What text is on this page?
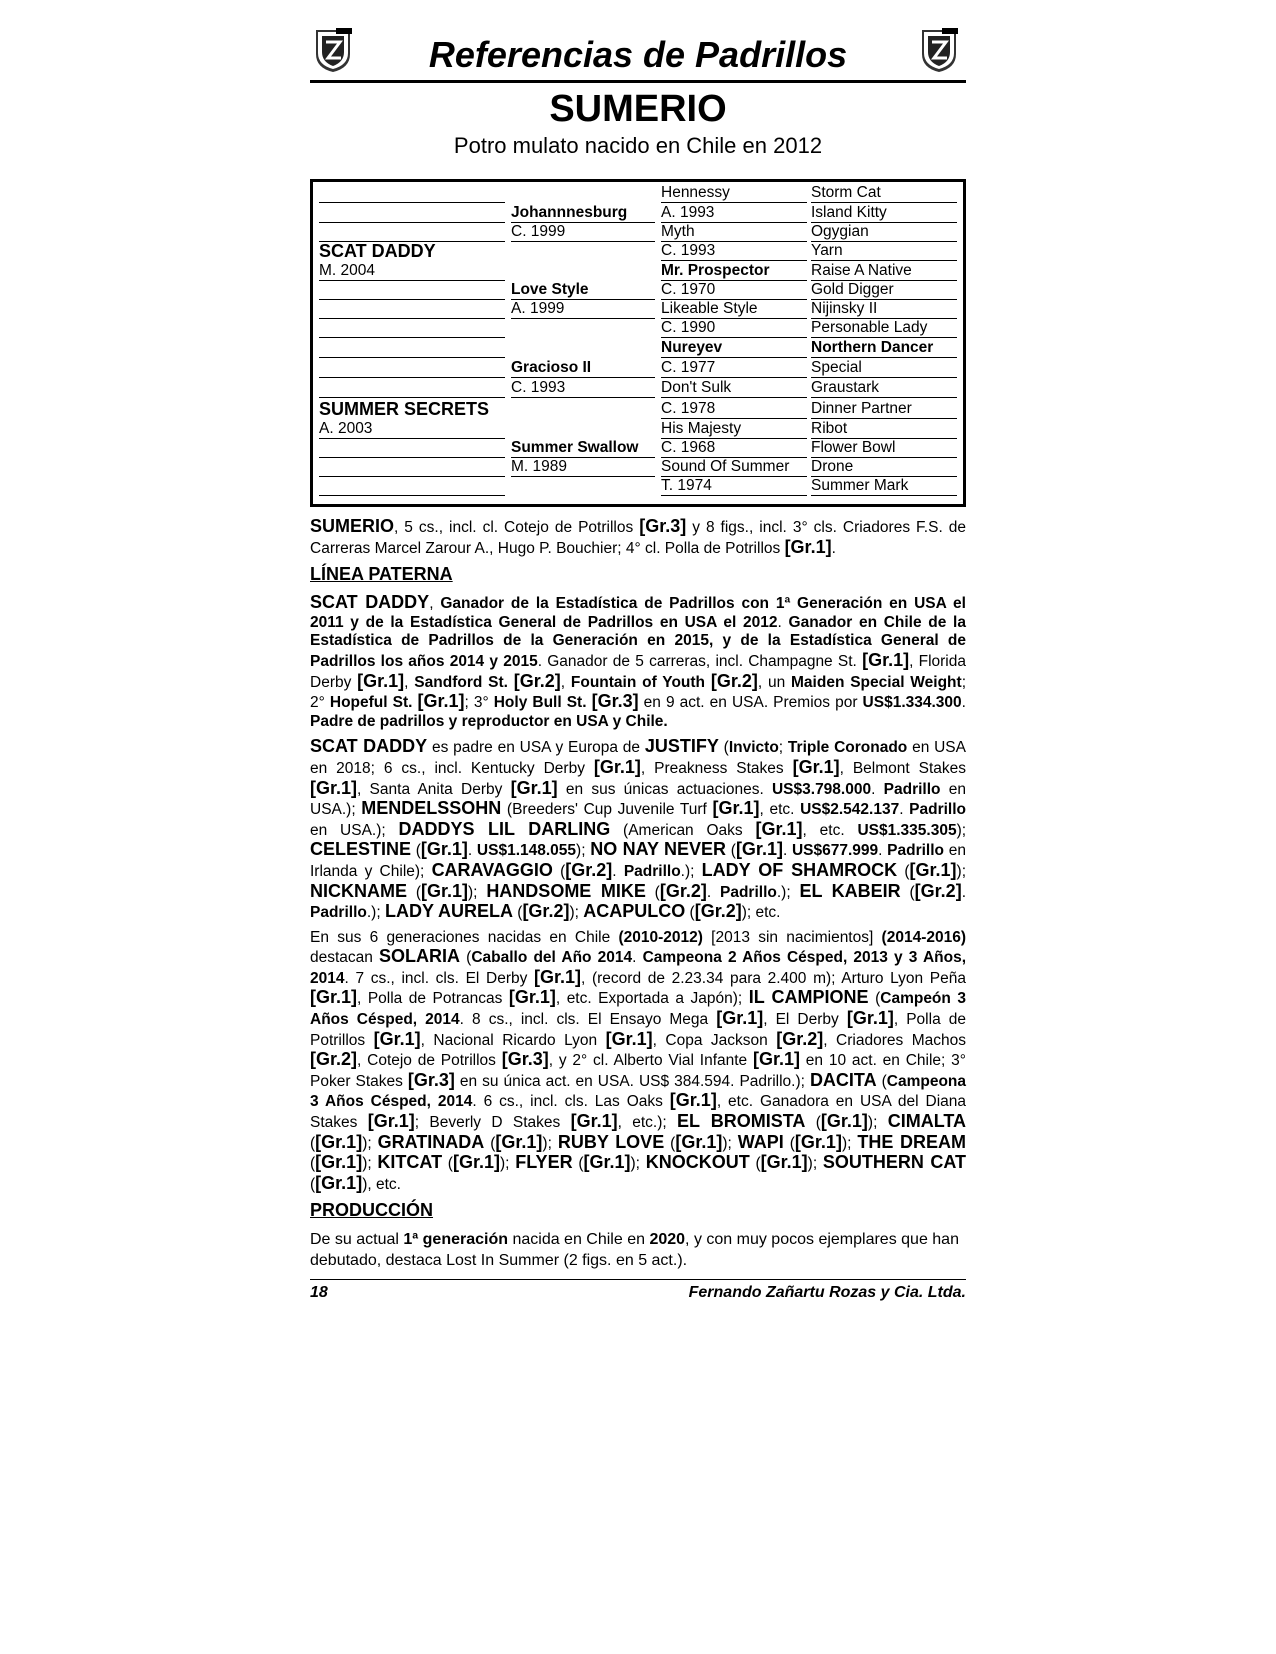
Referencias de Padrillos
SUMERIO
Potro mulato nacido en Chile en 2012
SCAT DADDY
M. 2004
SUMMER SECRETS
A. 2003
Johannnesburg
C. 1999
Love Style
A. 1999
Gracioso II
C. 1993
Summer Swallow
M. 1989
Hennessy
A. 1993
Myth
C. 1993
Mr. Prospector
C. 1970
Likeable Style
C. 1990
Nureyev
C. 1977
Don't Sulk
C. 1978
His Majesty
C. 1968
Sound Of Summer
T. 1974
Storm Cat
Island Kitty
Ogygian
Yarn
Raise A Native
Gold Digger
Nijinsky II
Personable Lady
Northern Dancer
Special
Graustark
Dinner Partner
Ribot
Flower Bowl
Drone
Summer Mark
SUMERIO, 5 cs., incl. cl. Cotejo de Potrillos [Gr.3] y 8 figs., incl. 3° cls. Criadores F.S. de Carreras Marcel Zarour A., Hugo P. Bouchier; 4° cl. Polla de Potrillos [Gr.1].
LÍNEA PATERNA

SCAT DADDY, Ganador de la Estadística de Padrillos con 1ª Generación en USA el 2011 y de la Estadística General de Padrillos en USA el 2012. Ganador en Chile de la Estadística de Padrillos de la Generación en 2015, y de la Estadística General de Padrillos los años 2014 y 2015. Ganador de 5 carreras, incl. Champagne St. [Gr.1], Florida Derby [Gr.1], Sandford St. [Gr.2], Fountain of Youth [Gr.2], un Maiden Special Weight; 2° Hopeful St. [Gr.1]; 3° Holy Bull St. [Gr.3] en 9 act. en USA. Premios por US$1.334.300. Padre de padrillos y reproductor en USA y Chile.

SCAT DADDY es padre en USA y Europa de JUSTIFY (Invicto; Triple Coronado en USA en 2018; 6 cs., incl. Kentucky Derby [Gr.1], Preakness Stakes [Gr.1], Belmont Stakes [Gr.1], Santa Anita Derby [Gr.1] en sus únicas actuaciones. US$3.798.000. Padrillo en USA.); MENDELSSOHN (Breeders' Cup Juvenile Turf [Gr.1], etc. US$2.542.137. Padrillo en USA.); DADDYS LIL DARLING (American Oaks [Gr.1], etc. US$1.335.305); CELESTINE ([Gr.1]. US$1.148.055); NO NAY NEVER ([Gr.1]. US$677.999. Padrillo en Irlanda y Chile); CARAVAGGIO ([Gr.2]. Padrillo.); LADY OF SHAMROCK ([Gr.1]); NICKNAME ([Gr.1]); HANDSOME MIKE ([Gr.2]. Padrillo.); EL KABEIR ([Gr.2]. Padrillo.); LADY AURELA ([Gr.2]); ACAPULCO ([Gr.2]); etc.

En sus 6 generaciones nacidas en Chile (2010-2012) [2013 sin nacimientos] (2014-2016) destacan SOLARIA (Caballo del Año 2014. Campeona 2 Años Césped, 2013 y 3 Años, 2014. 7 cs., incl. cls. El Derby [Gr.1], (record de 2.23.34 para 2.400 m); Arturo Lyon Peña [Gr.1], Polla de Potrancas [Gr.1], etc. Exportada a Japón); IL CAMPIONE (Campeón 3 Años Césped, 2014. 8 cs., incl. cls. El Ensayo Mega [Gr.1], El Derby [Gr.1], Polla de Potrillos [Gr.1], Nacional Ricardo Lyon [Gr.1], Copa Jackson [Gr.2], Criadores Machos [Gr.2], Cotejo de Potrillos [Gr.3], y 2° cl. Alberto Vial Infante [Gr.1] en 10 act. en Chile; 3° Poker Stakes [Gr.3] en su única act. en USA. US$ 384.594. Padrillo.); DACITA (Campeona 3 Años Césped, 2014. 6 cs., incl. cls. Las Oaks [Gr.1], etc. Ganadora en USA del Diana Stakes [Gr.1]; Beverly D Stakes [Gr.1], etc.); EL BROMISTA ([Gr.1]); CIMALTA ([Gr.1]); GRATINADA ([Gr.1]); RUBY LOVE ([Gr.1]); WAPI ([Gr.1]); THE DREAM ([Gr.1]); KITCAT ([Gr.1]); FLYER ([Gr.1]); KNOCKOUT ([Gr.1]); SOUTHERN CAT ([Gr.1]), etc.

PRODUCCIÓN
De su actual 1ª generación nacida en Chile en 2020, y con muy pocos ejemplares que han debutado, destaca Lost In Summer (2 figs. en 5 act.).
18	Fernando Zañartu Rozas y Cia. Ltda.
